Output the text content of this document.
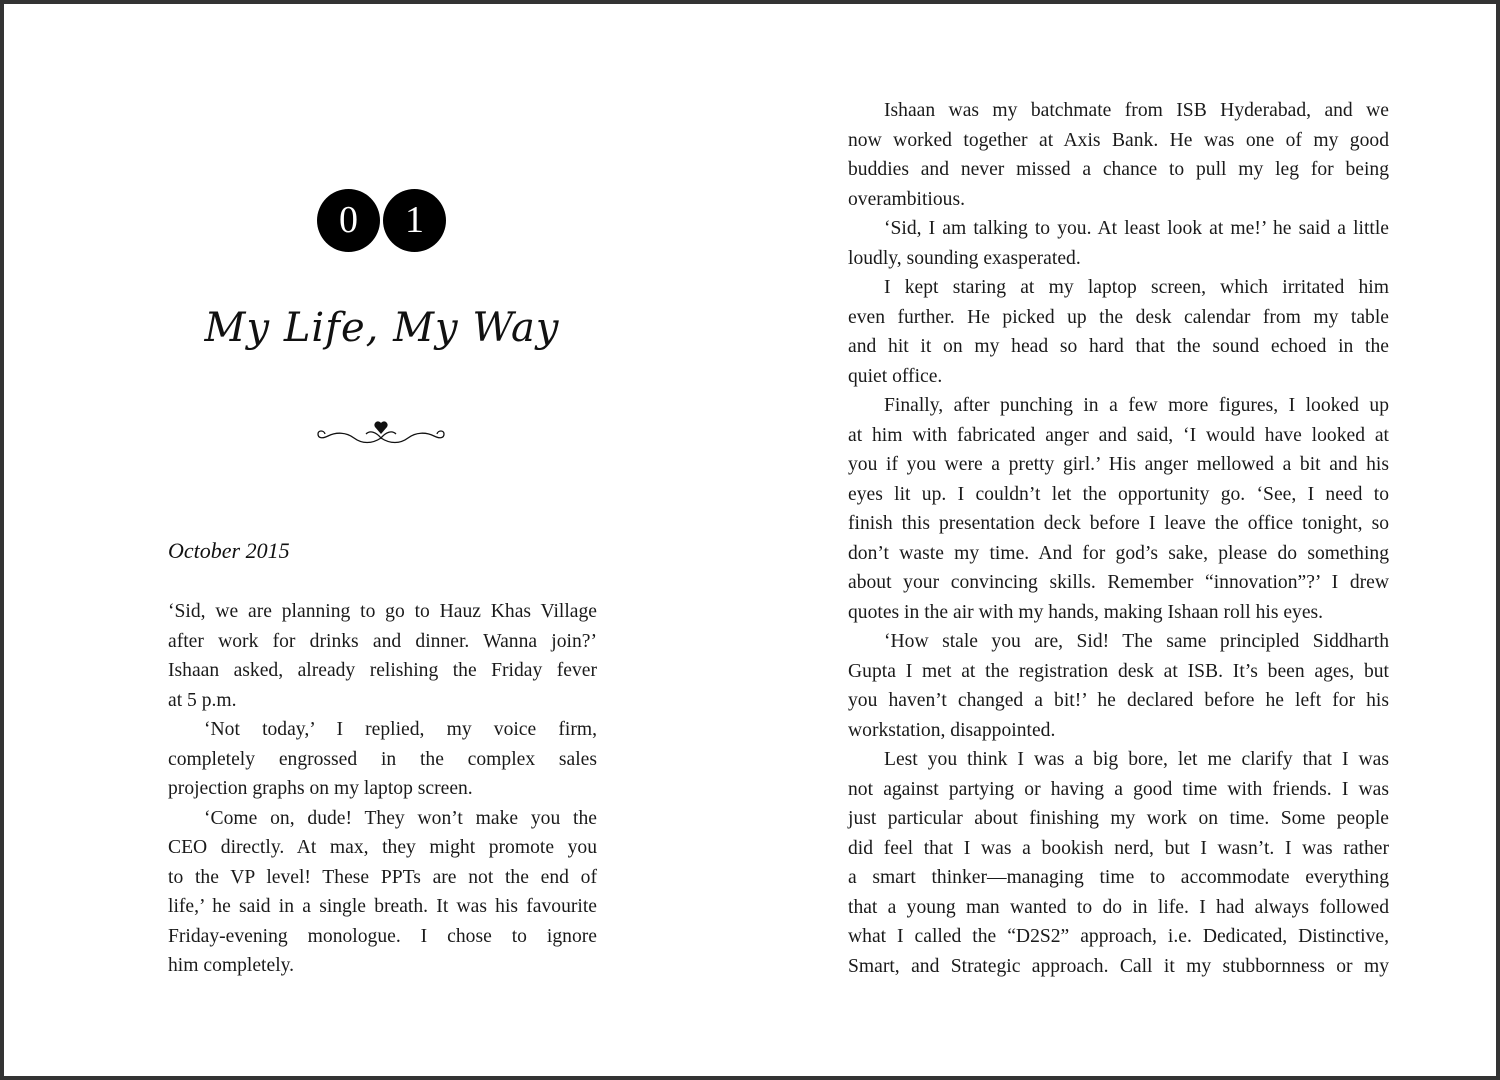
0	1
My Life, My Way
October 2015
‘Sid, we are planning to go to Hauz Khas Village
after work for drinks and dinner. Wanna join?’
Ishaan asked, already relishing the Friday fever
at 5 p.m.
‘Not today,’ I replied, my voice firm,
completely engrossed in the complex sales
projection graphs on my laptop screen.
‘Come on, dude! They won’t make you the
CEO directly. At max, they might promote you
to the VP level! These PPTs are not the end of
life,’ he said in a single breath. It was his favourite
Friday-evening monologue. I chose to ignore
him completely.
Ishaan was my batchmate from ISB Hyderabad, and we
now worked together at Axis Bank. He was one of my good
buddies and never missed a chance to pull my leg for being
overambitious.
‘Sid, I am talking to you. At least look at me!’ he said a little
loudly, sounding exasperated.
I kept staring at my laptop screen, which irritated him
even further. He picked up the desk calendar from my table
and hit it on my head so hard that the sound echoed in the
quiet office.
Finally, after punching in a few more figures, I looked up
at him with fabricated anger and said, ‘I would have looked at
you if you were a pretty girl.’ His anger mellowed a bit and his
eyes lit up. I couldn’t let the opportunity go. ‘See, I need to
finish this presentation deck before I leave the office tonight, so
don’t waste my time. And for god’s sake, please do something
about your convincing skills. Remember “innovation”?’ I drew
quotes in the air with my hands, making Ishaan roll his eyes.
‘How stale you are, Sid! The same principled Siddharth
Gupta I met at the registration desk at ISB. It’s been ages, but
you haven’t changed a bit!’ he declared before he left for his
workstation, disappointed.
Lest you think I was a big bore, let me clarify that I was
not against partying or having a good time with friends. I was
just particular about finishing my work on time. Some people
did feel that I was a bookish nerd, but I wasn’t. I was rather
a smart thinker—managing time to accommodate everything
that a young man wanted to do in life. I had always followed
what I called the “D2S2” approach, i.e. Dedicated, Distinctive,
Smart, and Strategic approach. Call it my stubbornness or my
